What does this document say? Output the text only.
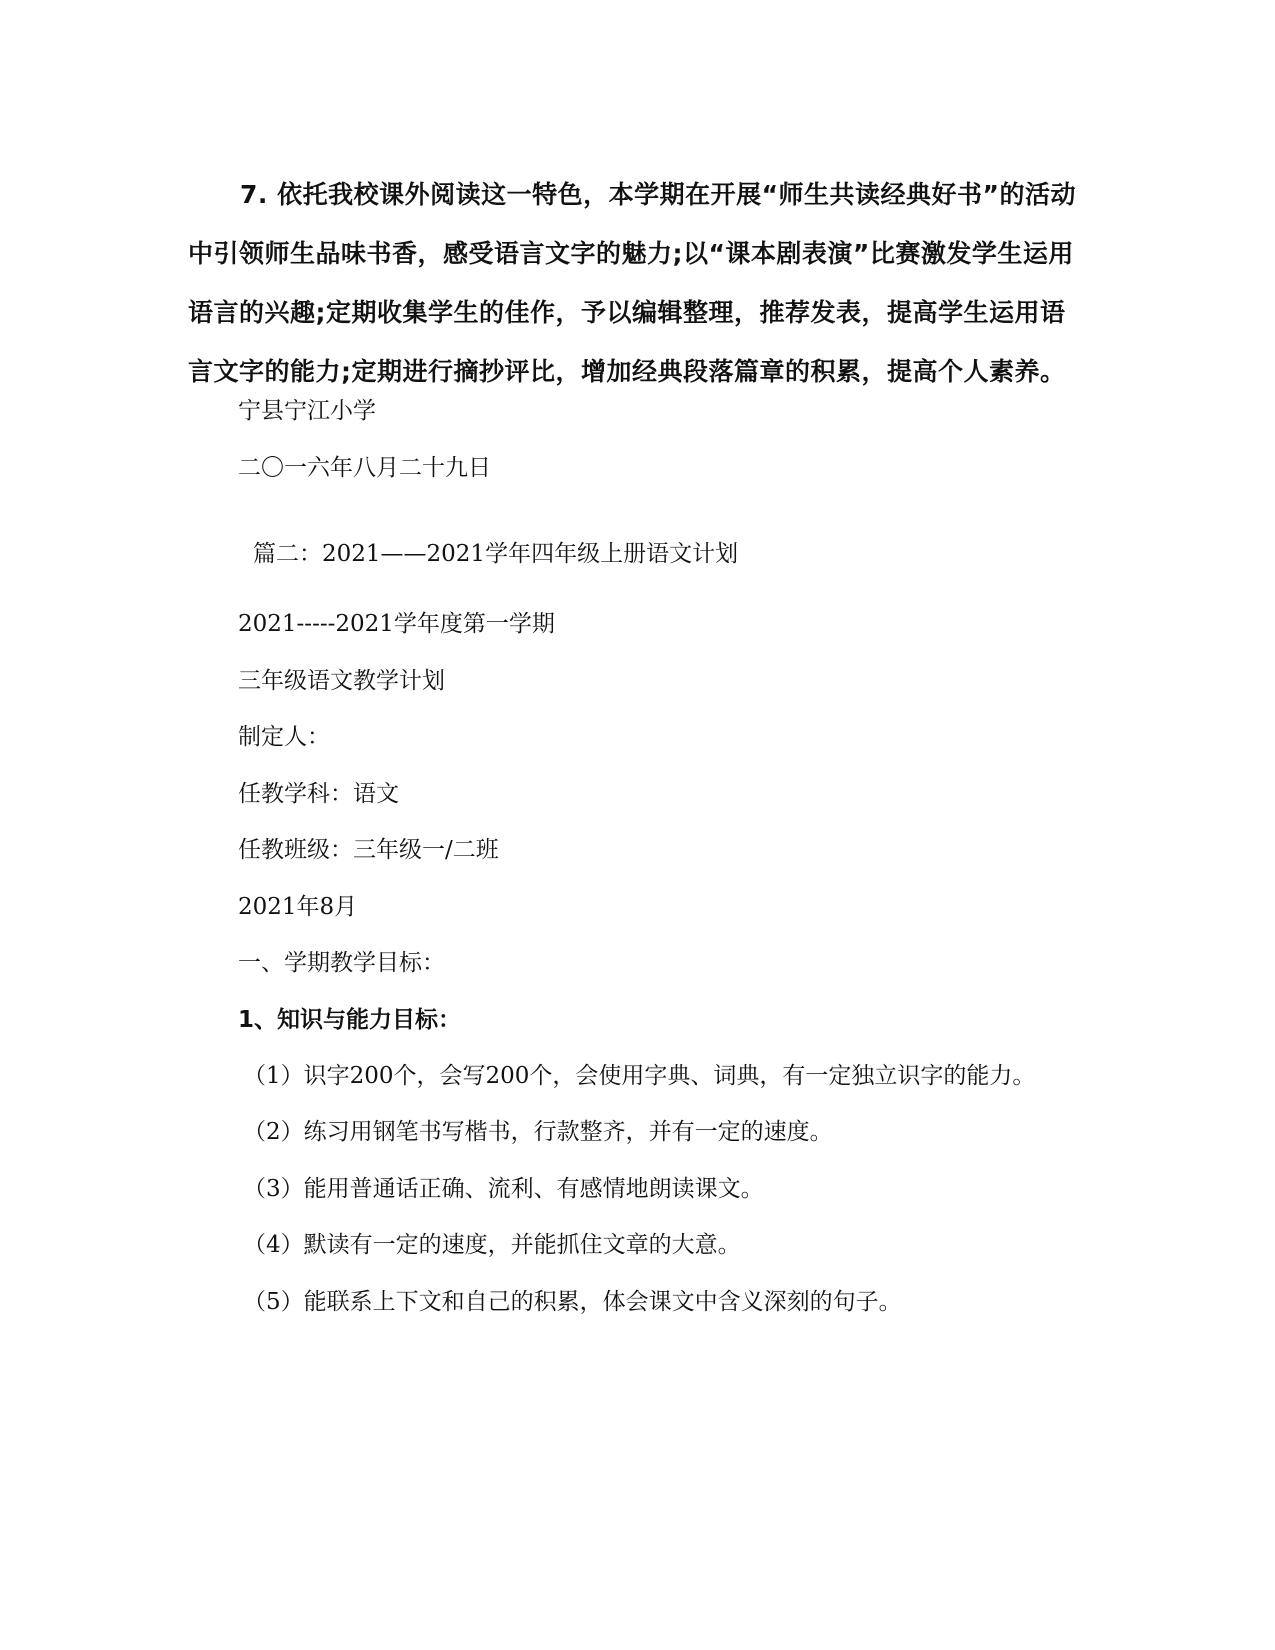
7. 依托我校课外阅读这一特色，本学期在开展“师生共读经典好书”的活动中引领师生品味书香，感受语言文字的魅力;以“课本剧表演”比赛激发学生运用语言的兴趣;定期收集学生的佳作，予以编辑整理，推荐发表，提高学生运用语言文字的能力;定期进行摘抄评比，增加经典段落篇章的积累，提高个人素养。

宁县宁江小学

二〇一六年八月二十九日

篇二：2021——2021学年四年级上册语文计划

2021-----2021学年度第一学期

三年级语文教学计划

制定人：

任教学科：语文

任教班级：三年级一/二班

2021年8月

一、学期教学目标：

1、知识与能力目标：

（1）识字200个，会写200个，会使用字典、词典，有一定独立识字的能力。

（2）练习用钢笔书写楷书，行款整齐，并有一定的速度。

（3）能用普通话正确、流利、有感情地朗读课文。

（4）默读有一定的速度，并能抓住文章的大意。

（5）能联系上下文和自己的积累，体会课文中含义深刻的句子。
